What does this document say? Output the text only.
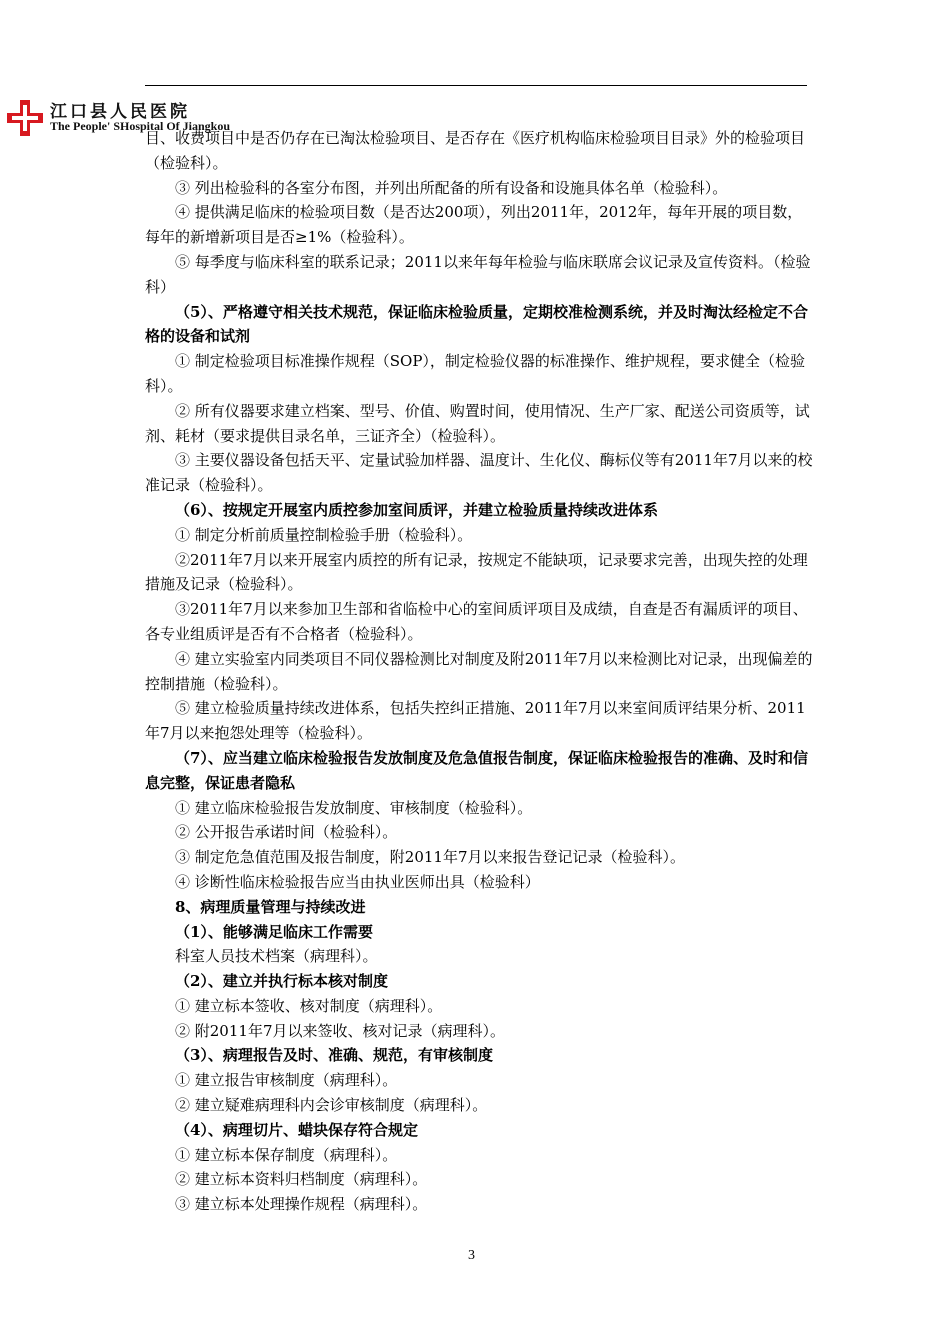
江口县人民医院
The People' SHospital Of Jiangkou

目、收费项目中是否仍存在已淘汰检验项目、是否存在《医疗机构临床检验项目目录》外的检验项目（检验科）。

③ 列出检验科的各室分布图，并列出所配备的所有设备和设施具体名单（检验科）。

④ 提供满足临床的检验项目数（是否达200项），列出2011年，2012年，每年开展的项目数，每年的新增新项目是否≥1%（检验科）。

⑤ 每季度与临床科室的联系记录；2011以来年每年检验与临床联席会议记录及宣传资料。（检验科）

（5）、严格遵守相关技术规范，保证临床检验质量，定期校准检测系统，并及时淘汰经检定不合格的设备和试剂

① 制定检验项目标准操作规程（SOP），制定检验仪器的标准操作、维护规程，要求健全（检验科）。

② 所有仪器要求建立档案、型号、价值、购置时间，使用情况、生产厂家、配送公司资质等，试剂、耗材（要求提供目录名单，三证齐全）（检验科）。

③ 主要仪器设备包括天平、定量试验加样器、温度计、生化仪、酶标仪等有2011年7月以来的校准记录（检验科）。

（6）、按规定开展室内质控参加室间质评，并建立检验质量持续改进体系

① 制定分析前质量控制检验手册（检验科）。

②2011年7月以来开展室内质控的所有记录，按规定不能缺项，记录要求完善，出现失控的处理措施及记录（检验科）。

③2011年7月以来参加卫生部和省临检中心的室间质评项目及成绩，自查是否有漏质评的项目、各专业组质评是否有不合格者（检验科）。

④ 建立实验室内同类项目不同仪器检测比对制度及附2011年7月以来检测比对记录，出现偏差的控制措施（检验科）。

⑤ 建立检验质量持续改进体系，包括失控纠正措施、2011年7月以来室间质评结果分析、2011年7月以来抱怨处理等（检验科）。

（7）、应当建立临床检验报告发放制度及危急值报告制度，保证临床检验报告的准确、及时和信息完整，保证患者隐私

① 建立临床检验报告发放制度、审核制度（检验科）。

② 公开报告承诺时间（检验科）。

③ 制定危急值范围及报告制度，附2011年7月以来报告登记记录（检验科）。

④ 诊断性临床检验报告应当由执业医师出具（检验科）

8、病理质量管理与持续改进

（1）、能够满足临床工作需要

科室人员技术档案（病理科）。

（2）、建立并执行标本核对制度

① 建立标本签收、核对制度（病理科）。

② 附2011年7月以来签收、核对记录（病理科）。

（3）、病理报告及时、准确、规范，有审核制度

① 建立报告审核制度（病理科）。

② 建立疑难病理科内会诊审核制度（病理科）。

（4）、病理切片、蜡块保存符合规定

① 建立标本保存制度（病理科）。

② 建立标本资料归档制度（病理科）。

③ 建立标本处理操作规程（病理科）。

3
